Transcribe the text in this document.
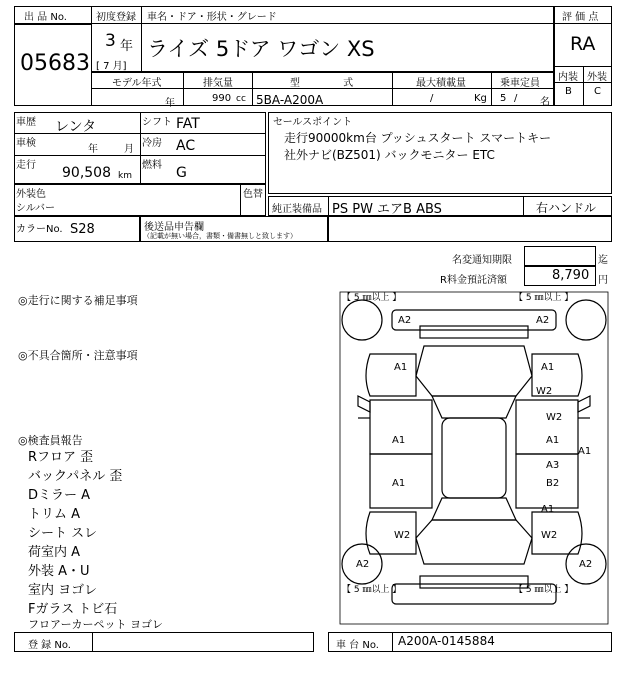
出 品 No.
05683
初度登録 車名・ドア・形状・グレード
3 年
[ 7 月]
ライズ 5ドア ワゴン XS
評 価 点
RA
内装 外装
B C
モデル年式	排気量	型 式	最大積載量	乗車定員
年	990 cc 5BA-A200A	/	Kg 5 / 名
車歴 レンタ	シフト FAT
車検
年	月
冷房 AC
走行 90,508 km
燃料 G
外装色
シルバー
色替
カラーNo. S28	後送品申告欄
（記載が無い場合，書類・備書無しと致します）
セールスポイント
走行90000km台 プッシュスタート スマートキー
社外ナビ(BZ501) バックモニター ETC
純正装備品 PS PW エアB ABS	右ハンドル
名変通知期限	迄
R料金預託済額	8,790 円
◎走行に関する補足事項
◎不具合箇所・注意事項
◎検査員報告
Rフロア 歪
バックパネル 歪
Dミラー A
トリム A
シート スレ
荷室内 A
外装 A・U
室内 ヨゴレ
Fガラス トビ石
フロアーカーペット ヨゴレ
【 5 ㎜以上 】	【 5 ㎜以上 】
【 5 ㎜以上 】	【 5 ㎜以上 】
A2	A2
A1
W2
A1
W2
A1	A1
A1
A3
A1	B2
A1
W2	W2
A2	A2
登 録 No.	車 台 No. A200A-0145884
